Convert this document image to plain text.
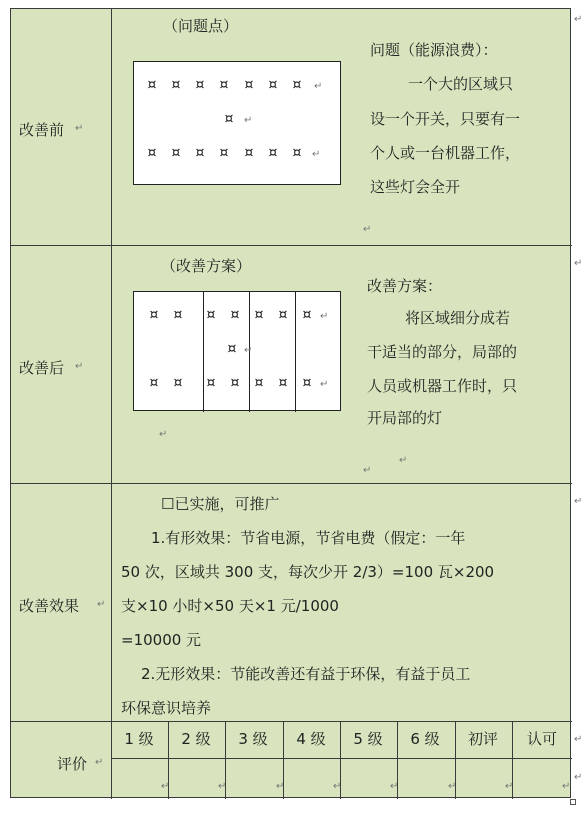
改善前 ↵
（问题点）
¤ ¤ ¤ ¤ ¤ ¤ ¤ ↵
¤ ↵
¤ ¤ ¤ ¤ ¤ ¤ ¤ ↵
问题（能源浪费）：
一个大的区域只
设一个开关，只要有一
个人或一台机器工作，
这些灯会全开
↵
改善后 ↵
（改善方案）
¤ ¤ ¤ ¤ ¤ ¤ ¤ ↵
¤ ↵
¤ ¤ ¤ ¤ ¤ ¤ ¤ ↵
↵
改善方案：
将区域细分成若
干适当的部分，局部的
人员或机器工作时，只
开局部的灯
↵
↵
改善效果 ↵
☐已实施，可推广
1.有形效果：节省电源，节省电费（假定：一年
50 次，区域共 300 支，每次少开 2/3）=100 瓦×200
支×10 小时×50 天×1 元/1000
=10000 元
2.无形效果：节能改善还有益于环保，有益于员工
环保意识培养
评价 ↵
1 级	2 级	3 级	4 级	5 级	6 级	初评	认可
↵	↵	↵	↵	↵	↵	↵	↵
↵
↵
↵
↵
↵
